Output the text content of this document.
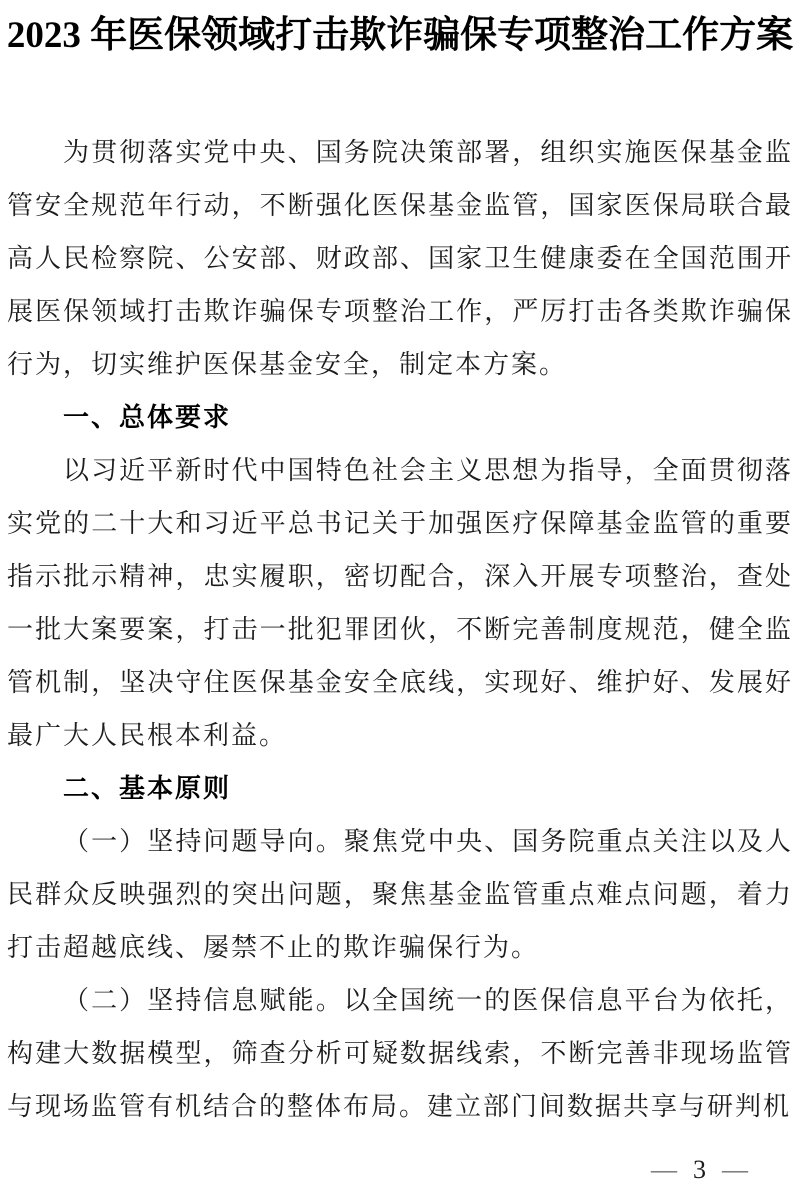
2023 年医保领域打击欺诈骗保专项整治工作方案

为贯彻落实党中央、国务院决策部署，组织实施医保基金监管安全规范年行动，不断强化医保基金监管，国家医保局联合最高人民检察院、公安部、财政部、国家卫生健康委在全国范围开展医保领域打击欺诈骗保专项整治工作，严厉打击各类欺诈骗保行为，切实维护医保基金安全，制定本方案。

一、总体要求

以习近平新时代中国特色社会主义思想为指导，全面贯彻落实党的二十大和习近平总书记关于加强医疗保障基金监管的重要指示批示精神，忠实履职，密切配合，深入开展专项整治，查处一批大案要案，打击一批犯罪团伙，不断完善制度规范，健全监管机制，坚决守住医保基金安全底线，实现好、维护好、发展好最广大人民根本利益。

二、基本原则

（一）坚持问题导向。聚焦党中央、国务院重点关注以及人民群众反映强烈的突出问题，聚焦基金监管重点难点问题，着力打击超越底线、屡禁不止的欺诈骗保行为。

（二）坚持信息赋能。以全国统一的医保信息平台为依托，构建大数据模型，筛查分析可疑数据线索，不断完善非现场监管与现场监管有机结合的整体布局。建立部门间数据共享与研判机

— 3 —
